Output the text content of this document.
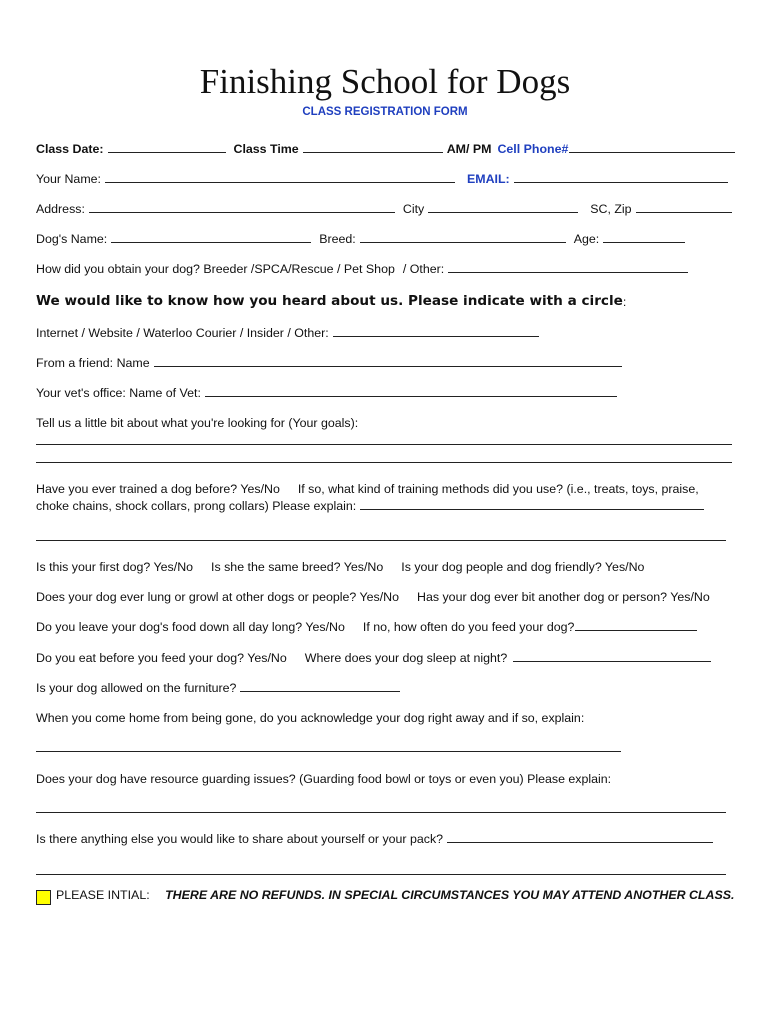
Finishing School for Dogs
CLASS REGISTRATION FORM
Class Date:	Class Time	AM/ PM Cell Phone#
Your Name:	EMAIL:
Address:	City	SC, Zip
Dog's Name:	Breed:	Age:
How did you obtain your dog? Breeder /SPCA/Rescue / Pet Shop / Other:
We would like to know how you heard about us. Please indicate with a circle :
Internet / Website / Waterloo Courier / Insider / Other:
From a friend: Name
Your vet's office: Name of Vet:
Tell us a little bit about what you're looking for (Your goals):
Have you ever trained a dog before? Yes/No If so, what kind of training methods did you use? (i.e., treats, toys, praise,
choke chains, shock collars, prong collars) Please explain:
Is this your first dog? Yes/No Is she the same breed? Yes/No Is your dog people and dog friendly? Yes/No
Does your dog ever lung or growl at other dogs or people? Yes/No Has your dog ever bit another dog or person? Yes/No
Do you leave your dog's food down all day long? Yes/No If no, how often do you feed your dog?
Do you eat before you feed your dog? Yes/No Where does your dog sleep at night?
Is your dog allowed on the furniture?
When you come home from being gone, do you acknowledge your dog right away and if so, explain:
Does your dog have resource guarding issues? (Guarding food bowl or toys or even you) Please explain:
Is there anything else you would like to share about yourself or your pack?
PLEASE INTIAL: THERE ARE NO REFUNDS. IN SPECIAL CIRCUMSTANCES YOU MAY ATTEND ANOTHER CLASS.
